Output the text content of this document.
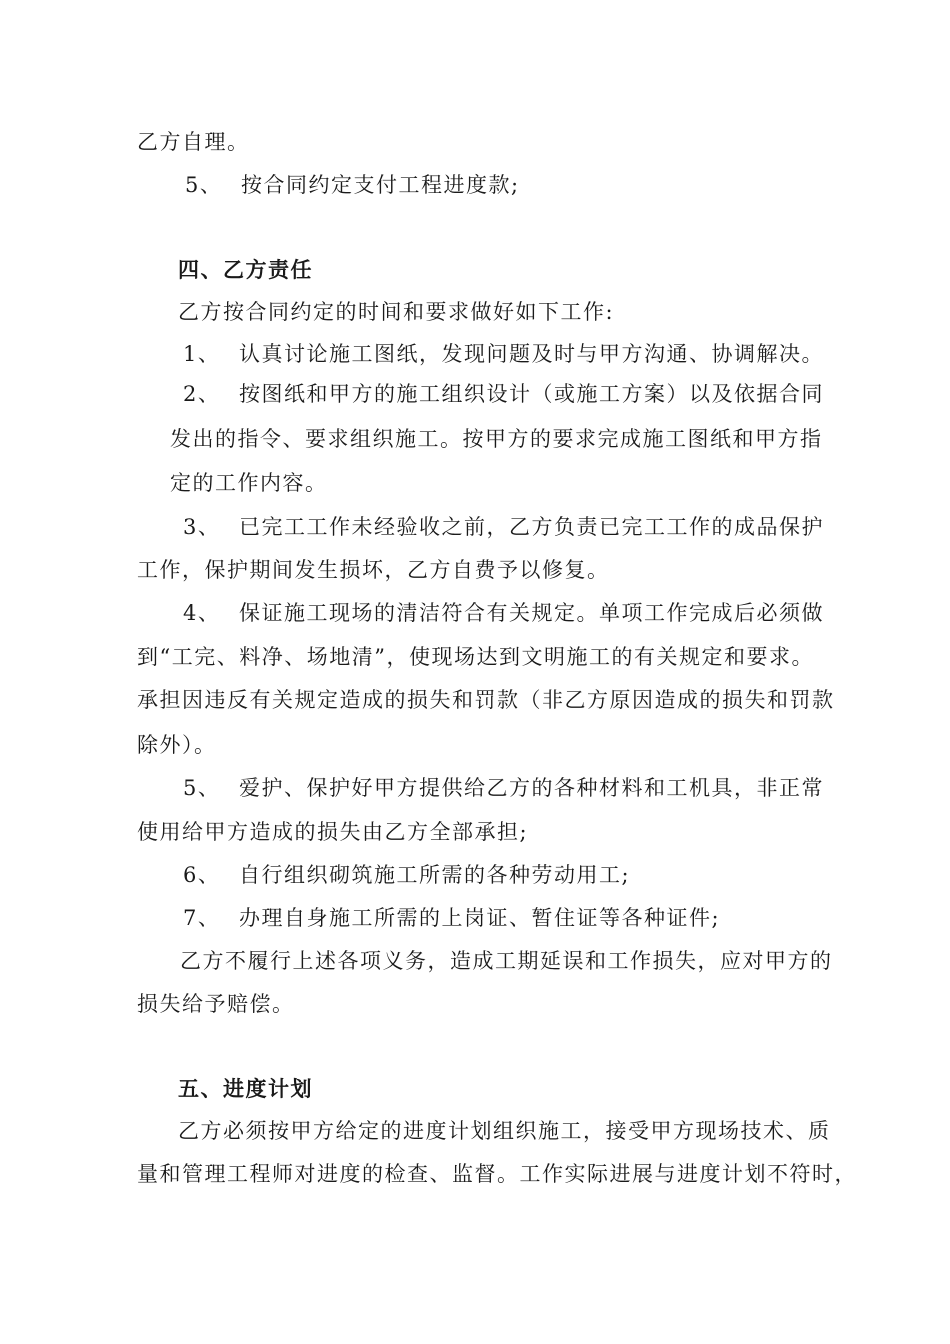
乙方自理。
5、 按合同约定支付工程进度款;
四、乙方责任
乙方按合同约定的时间和要求做好如下工作:
1、 认真讨论施工图纸，发现问题及时与甲方沟通、协调解决。
2、 按图纸和甲方的施工组织设计（或施工方案）以及依据合同
发出的指令、要求组织施工。按甲方的要求完成施工图纸和甲方指
定的工作内容。
3、 已完工工作未经验收之前，乙方负责已完工工作的成品保护
工作，保护期间发生损坏，乙方自费予以修复。
4、 保证施工现场的清洁符合有关规定。单项工作完成后必须做
到“工完、料净、场地清”，使现场达到文明施工的有关规定和要求。
承担因违反有关规定造成的损失和罚款（非乙方原因造成的损失和罚款
除外）。
5、 爱护、保护好甲方提供给乙方的各种材料和工机具，非正常
使用给甲方造成的损失由乙方全部承担;
6、 自行组织砌筑施工所需的各种劳动用工;
7、 办理自身施工所需的上岗证、暂住证等各种证件;
乙方不履行上述各项义务，造成工期延误和工作损失，应对甲方的
损失给予赔偿。
五、进度计划
乙方必须按甲方给定的进度计划组织施工，接受甲方现场技术、质
量和管理工程师对进度的检查、监督。工作实际进展与进度计划不符时，
